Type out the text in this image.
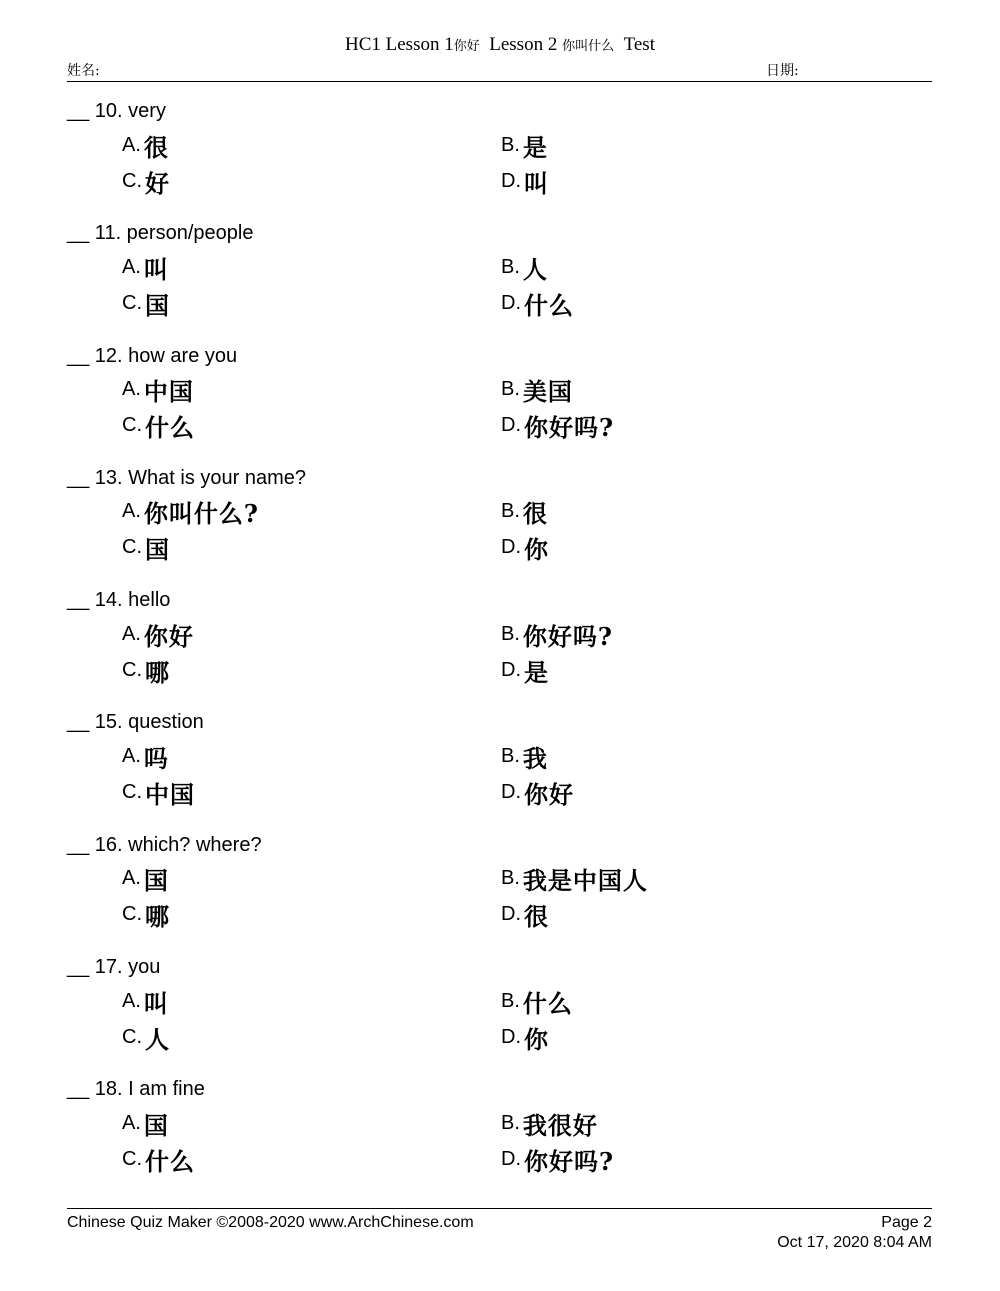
HC1 Lesson 1你好  Lesson 2 你叫什么  Test
姓名:	日期:
__ 10. very
A. 很	B. 是
C. 好	D. 叫
__ 11. person/people
A. 叫	B. 人
C. 国	D. 什么
__ 12. how are you
A. 中国	B. 美国
C. 什么	D. 你好吗?
__ 13. What is your name?
A. 你叫什么?	B. 很
C. 国	D. 你
__ 14. hello
A. 你好	B. 你好吗?
C. 哪	D. 是
__ 15. question
A. 吗	B. 我
C. 中国	D. 你好
__ 16. which? where?
A. 国	B. 我是中国人
C. 哪	D. 很
__ 17. you
A. 叫	B. 什么
C. 人	D. 你
__ 18. I am fine
A. 国	B. 我很好
C. 什么	D. 你好吗?
Chinese Quiz Maker ©2008-2020 www.ArchChinese.com	Page 2
Oct 17, 2020 8:04 AM
